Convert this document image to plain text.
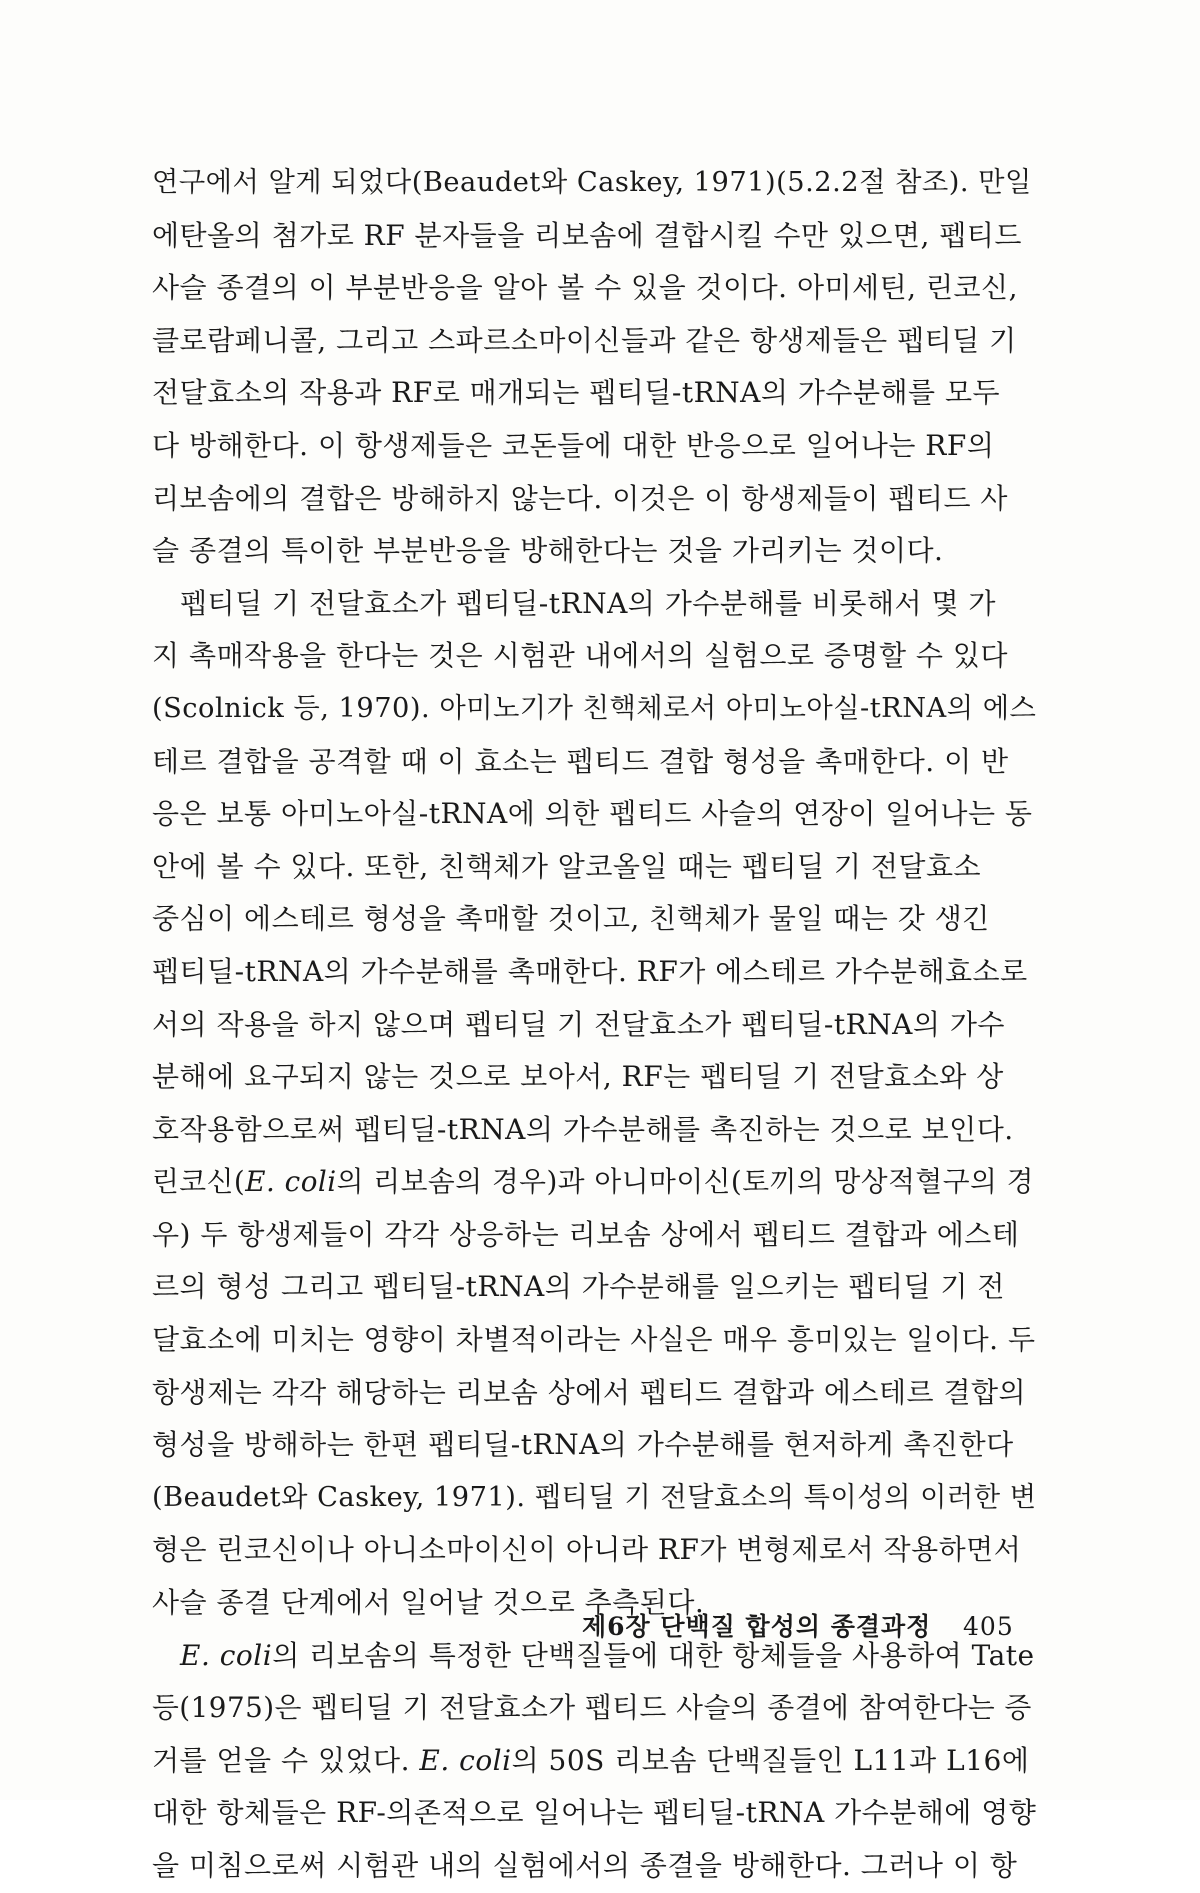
연구에서 알게 되었다(Beaudet와 Caskey, 1971)(5.2.2절 참조). 만일
에탄올의 첨가로 RF 분자들을 리보솜에 결합시킬 수만 있으면, 펩티드
사슬 종결의 이 부분반응을 알아 볼 수 있을 것이다. 아미세틴, 린코신,
클로람페니콜, 그리고 스파르소마이신들과 같은 항생제들은 펩티딜 기
전달효소의 작용과 RF로 매개되는 펩티딜-tRNA의 가수분해를 모두
다 방해한다. 이 항생제들은 코돈들에 대한 반응으로 일어나는 RF의
리보솜에의 결합은 방해하지 않는다. 이것은 이 항생제들이 펩티드 사
슬 종결의 특이한 부분반응을 방해한다는 것을 가리키는 것이다.

펩티딜 기 전달효소가 펩티딜-tRNA의 가수분해를 비롯해서 몇 가
지 촉매작용을 한다는 것은 시험관 내에서의 실험으로 증명할 수 있다
(Scolnick 등, 1970). 아미노기가 친핵체로서 아미노아실-tRNA의 에스
테르 결합을 공격할 때 이 효소는 펩티드 결합 형성을 촉매한다. 이 반
응은 보통 아미노아실-tRNA에 의한 펩티드 사슬의 연장이 일어나는 동
안에 볼 수 있다. 또한, 친핵체가 알코올일 때는 펩티딜 기 전달효소
중심이 에스테르 형성을 촉매할 것이고, 친핵체가 물일 때는 갓 생긴
펩티딜-tRNA의 가수분해를 촉매한다. RF가 에스테르 가수분해효소로
서의 작용을 하지 않으며 펩티딜 기 전달효소가 펩티딜-tRNA의 가수
분해에 요구되지 않는 것으로 보아서, RF는 펩티딜 기 전달효소와 상
호작용함으로써 펩티딜-tRNA의 가수분해를 촉진하는 것으로 보인다.
린코신(E. coli의 리보솜의 경우)과 아니마이신(토끼의 망상적혈구의 경
우) 두 항생제들이 각각 상응하는 리보솜 상에서 펩티드 결합과 에스테
르의 형성 그리고 펩티딜-tRNA의 가수분해를 일으키는 펩티딜 기 전
달효소에 미치는 영향이 차별적이라는 사실은 매우 흥미있는 일이다. 두
항생제는 각각 해당하는 리보솜 상에서 펩티드 결합과 에스테르 결합의
형성을 방해하는 한편 펩티딜-tRNA의 가수분해를 현저하게 촉진한다
(Beaudet와 Caskey, 1971). 펩티딜 기 전달효소의 특이성의 이러한 변
형은 린코신이나 아니소마이신이 아니라 RF가 변형제로서 작용하면서
사슬 종결 단계에서 일어날 것으로 추측된다.

E. coli의 리보솜의 특정한 단백질들에 대한 항체들을 사용하여 Tate
등(1975)은 펩티딜 기 전달효소가 펩티드 사슬의 종결에 참여한다는 증
거를 얻을 수 있었다. E. coli의 50S 리보솜 단백질들인 L11과 L16에
대한 항체들은 RF-의존적으로 일어나는 펩티딜-tRNA 가수분해에 영향
을 미침으로써 시험관 내의 실험에서의 종결을 방해한다. 그러나 이 항

제6장 단백질 합성의 종결과정 405
